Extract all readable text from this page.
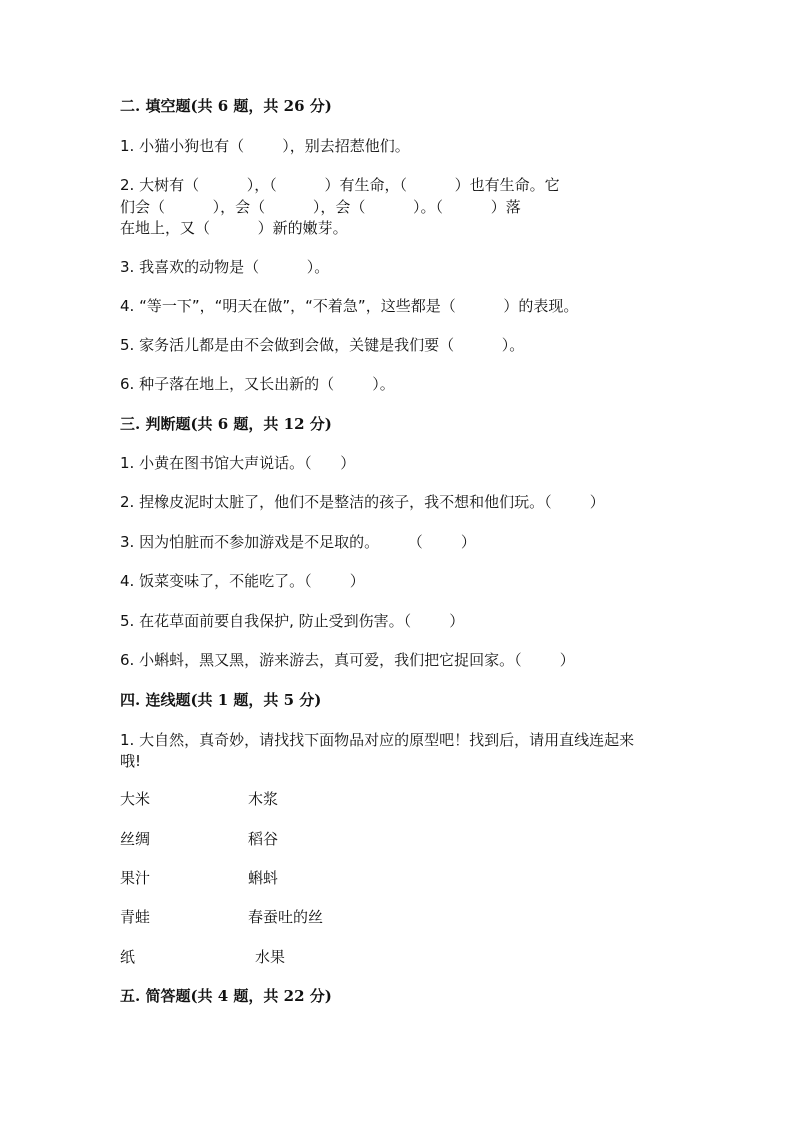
二. 填空题(共 6 题，共 26 分)
1. 小猫小狗也有（        ），别去招惹他们。
2. 大树有（          ），（          ）有生命，（          ）也有生命。它
们会（          ），会（          ），会（          ）。（          ）落
在地上，又（          ）新的嫩芽。
3. 我喜欢的动物是（          ）。
4. “等一下”，“明天在做”，“不着急”，这些都是（          ）的表现。
5. 家务活儿都是由不会做到会做，关键是我们要（          ）。
6. 种子落在地上，又长出新的（        ）。
三. 判断题(共 6 题，共 12 分)
1. 小黄在图书馆大声说话。（      ）
2. 捏橡皮泥时太脏了，他们不是整洁的孩子，我不想和他们玩。（        ）
3. 因为怕脏而不参加游戏是不足取的。      （        ）
4. 饭菜变味了，不能吃了。（        ）
5. 在花草面前要自我保护, 防止受到伤害。（        ）
6. 小蝌蚪，黑又黑，游来游去，真可爱，我们把它捉回家。（        ）
四. 连线题(共 1 题，共 5 分)
1. 大自然，真奇妙，请找找下面物品对应的原型吧！找到后，请用直线连起来
哦!
大米	木浆
丝绸	稻谷
果汁	蝌蚪
青蛙	春蚕吐的丝
纸	水果
五. 简答题(共 4 题，共 22 分)
